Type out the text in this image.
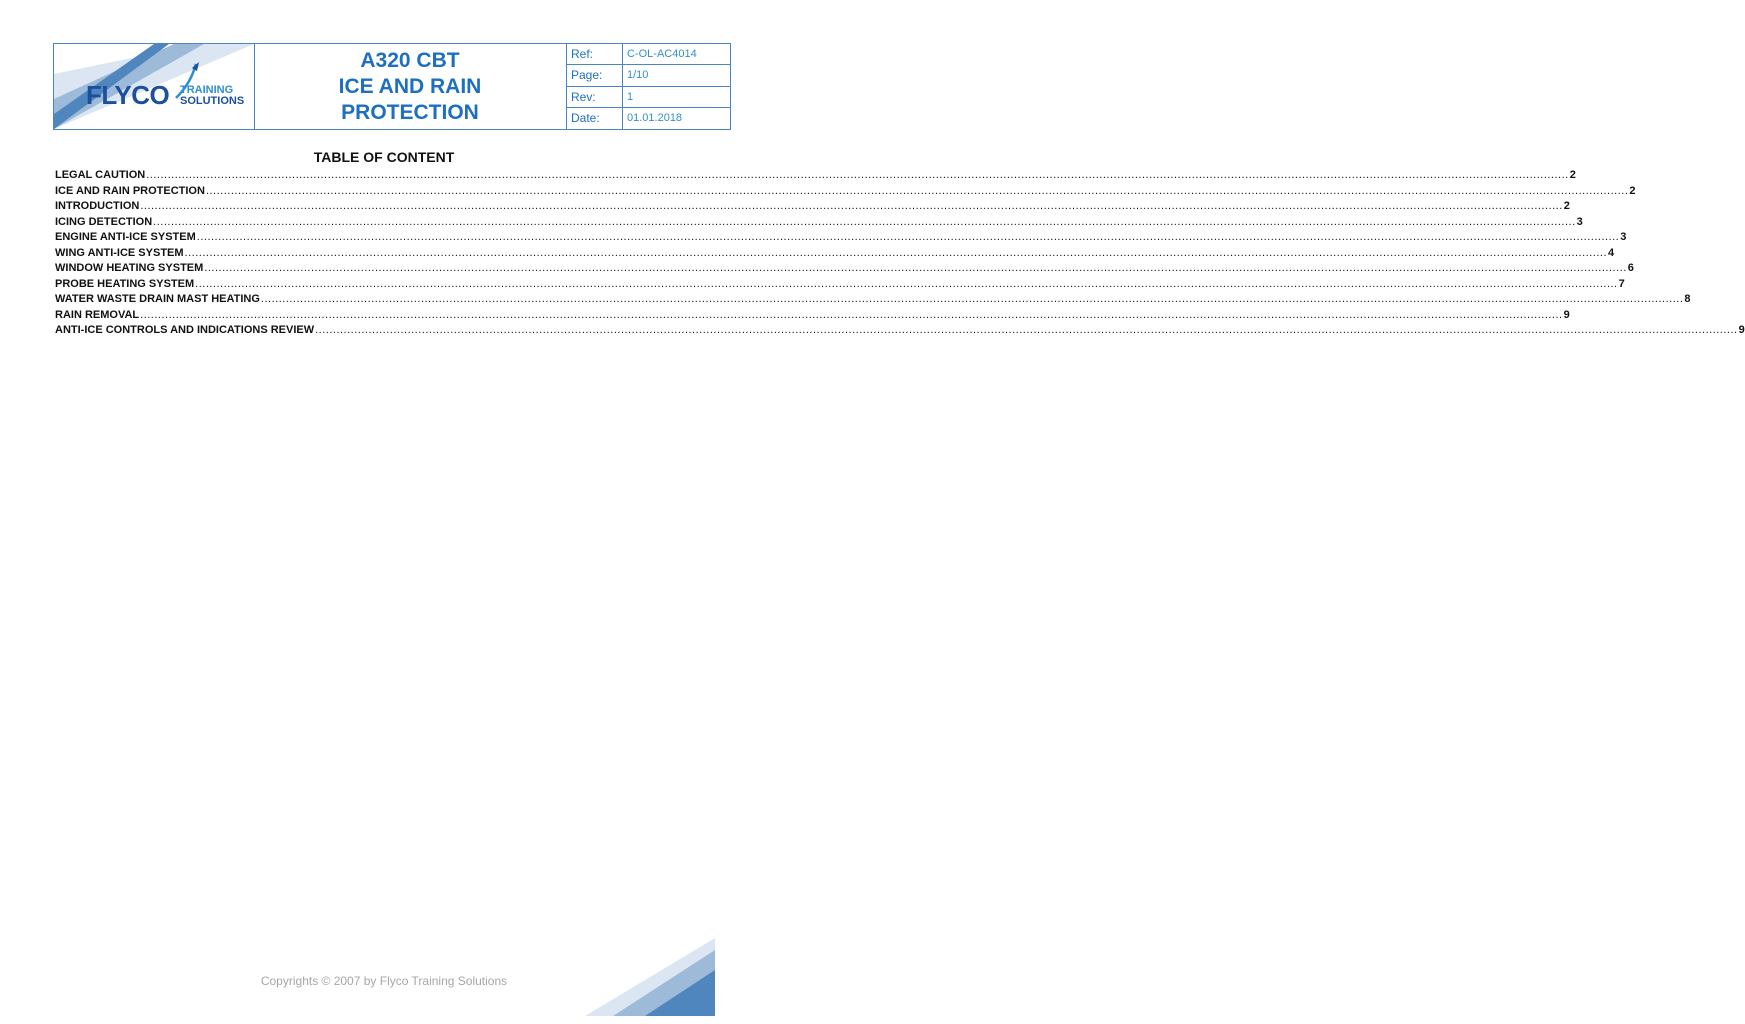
FLYCO TRAINING
SOLUTIONS
A320 CBT
ICE AND RAIN
PROTECTION
Ref:	C-OL-AC4014
Page:	1/10
Rev:	1
Date:	01.01.2018
TABLE OF CONTENT
LEGAL CAUTION ................................................................................................................................................................................................................................................................................................................................................................................................................ 2
ICE AND RAIN PROTECTION ................................................................................................................................................................................................................................................................................................................................................................................................................ 2
INTRODUCTION ................................................................................................................................................................................................................................................................................................................................................................................................................ 2
ICING DETECTION ................................................................................................................................................................................................................................................................................................................................................................................................................ 3
ENGINE ANTI-ICE SYSTEM ................................................................................................................................................................................................................................................................................................................................................................................................................ 3
WING ANTI-ICE SYSTEM ................................................................................................................................................................................................................................................................................................................................................................................................................ 4
WINDOW HEATING SYSTEM ................................................................................................................................................................................................................................................................................................................................................................................................................ 6
PROBE HEATING SYSTEM ................................................................................................................................................................................................................................................................................................................................................................................................................ 7
WATER WASTE DRAIN MAST HEATING ................................................................................................................................................................................................................................................................................................................................................................................................................ 8
RAIN REMOVAL ................................................................................................................................................................................................................................................................................................................................................................................................................ 9
ANTI-ICE CONTROLS AND INDICATIONS REVIEW ................................................................................................................................................................................................................................................................................................................................................................................................................ 9
Copyrights © 2007 by Flyco Training Solutions
